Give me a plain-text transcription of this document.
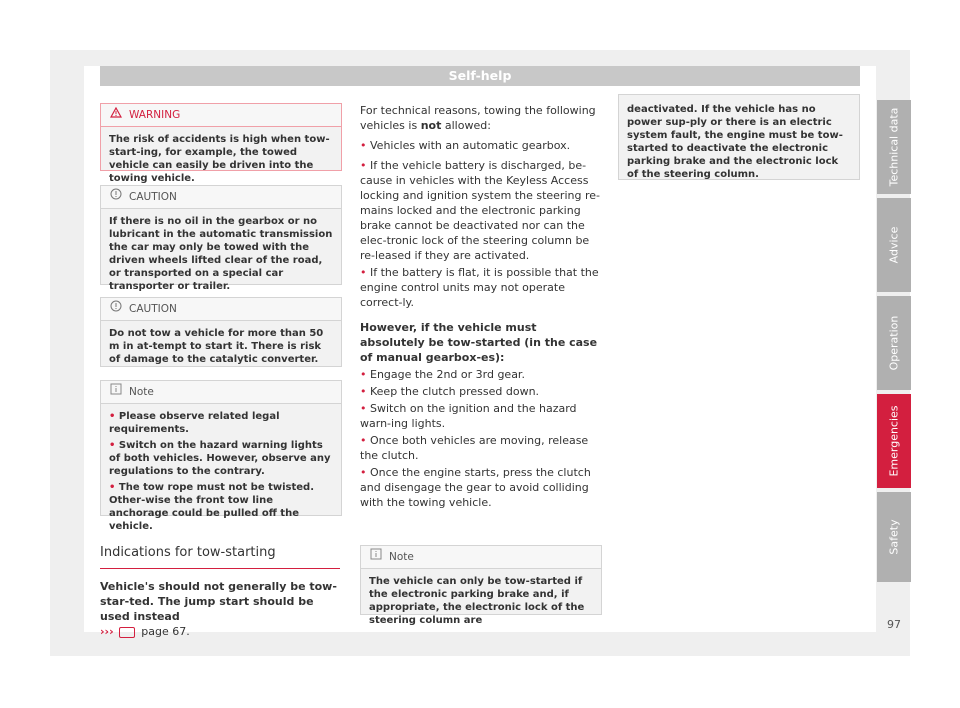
Self-help
WARNING

The risk of accidents is high when tow-start-ing, for example, the towed vehicle can easily be driven into the towing vehicle.

CAUTION

If there is no oil in the gearbox or no lubricant in the automatic transmission the car may only be towed with the driven wheels lifted clear of the road, or transported on a special car transporter or trailer.

CAUTION

Do not tow a vehicle for more than 50 m in at-tempt to start it. There is risk of damage to the catalytic converter.

Note
• Please observe related legal requirements.
• Switch on the hazard warning lights of both vehicles. However, observe any regulations to the contrary.
• The tow rope must not be twisted. Other-wise the front tow line anchorage could be pulled off the vehicle.
Indications for tow-starting
Vehicle's should not generally be tow-star-ted. The jump start should be used instead
›››	page 67.

For technical reasons, towing the following vehicles is not allowed:

• Vehicles with an automatic gearbox.

• If the vehicle battery is discharged, be-cause in vehicles with the Keyless Access locking and ignition system the steering re-mains locked and the electronic parking brake cannot be deactivated nor can the elec-tronic lock of the steering column be re-leased if they are activated.

• If the battery is flat, it is possible that the engine control units may not operate correct-ly.

However, if the vehicle must absolutely be tow-started (in the case of manual gearbox-es):

• Engage the 2nd or 3rd gear.

• Keep the clutch pressed down.

• Switch on the ignition and the hazard warn-ing lights.

• Once both vehicles are moving, release the clutch.

• Once the engine starts, press the clutch and disengage the gear to avoid colliding with the towing vehicle.

Note

The vehicle can only be tow-started if the electronic parking brake and, if appropriate, the electronic lock of the steering column are

deactivated. If the vehicle has no power sup-ply or there is an electric system fault, the engine must be tow-started to deactivate the electronic parking brake and the electronic lock of the steering column.	Technical data
Advice
Operation
Emergencies
Safety
97
